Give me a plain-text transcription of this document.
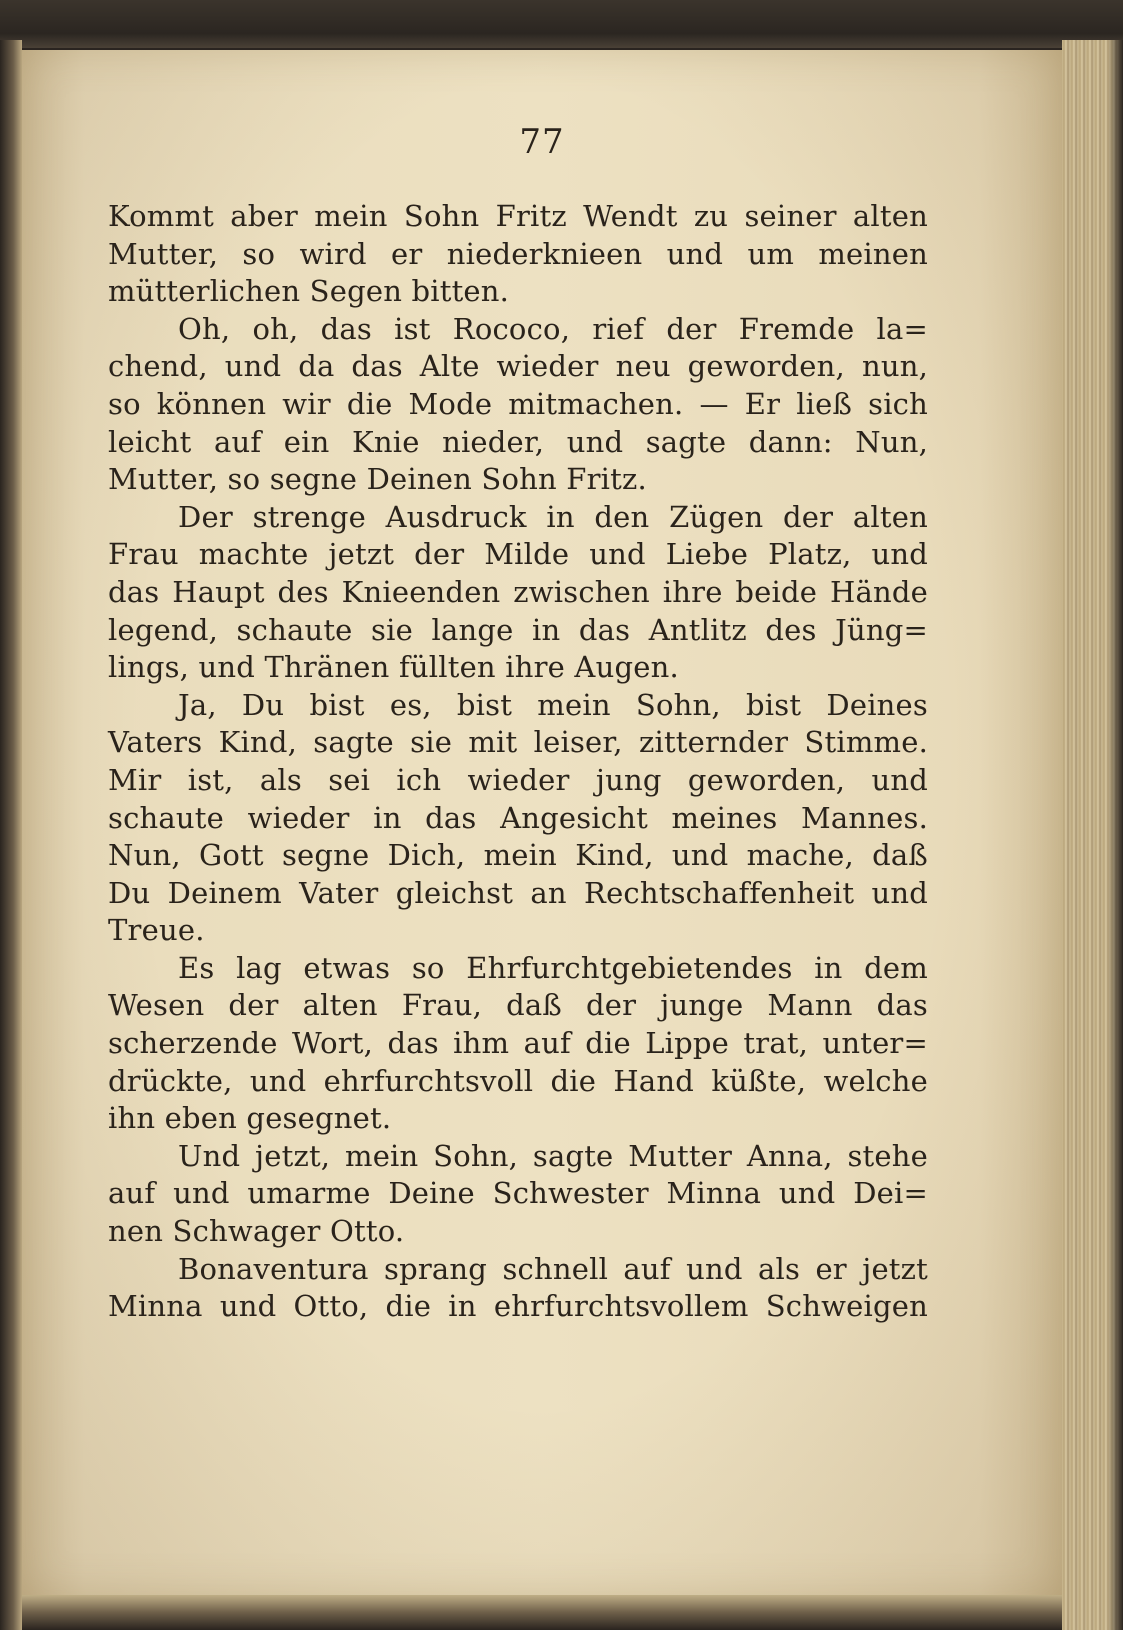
77
Kommt aber mein Sohn Fritz Wendt zu seiner alten
Mutter, so wird er niederknieen und um meinen
mütterlichen Segen bitten.
Oh, oh, das ist Rococo, rief der Fremde la=
chend, und da das Alte wieder neu geworden, nun,
so können wir die Mode mitmachen. — Er ließ sich
leicht auf ein Knie nieder, und sagte dann: Nun,
Mutter, so segne Deinen Sohn Fritz.
Der strenge Ausdruck in den Zügen der alten
Frau machte jetzt der Milde und Liebe Platz, und
das Haupt des Knieenden zwischen ihre beide Hände
legend, schaute sie lange in das Antlitz des Jüng=
lings, und Thränen füllten ihre Augen.
Ja, Du bist es, bist mein Sohn, bist Deines
Vaters Kind, sagte sie mit leiser, zitternder Stimme.
Mir ist, als sei ich wieder jung geworden, und
schaute wieder in das Angesicht meines Mannes.
Nun, Gott segne Dich, mein Kind, und mache, daß
Du Deinem Vater gleichst an Rechtschaffenheit und
Treue.
Es lag etwas so Ehrfurchtgebietendes in dem
Wesen der alten Frau, daß der junge Mann das
scherzende Wort, das ihm auf die Lippe trat, unter=
drückte, und ehrfurchtsvoll die Hand küßte, welche
ihn eben gesegnet.
Und jetzt, mein Sohn, sagte Mutter Anna, stehe
auf und umarme Deine Schwester Minna und Dei=
nen Schwager Otto.
Bonaventura sprang schnell auf und als er jetzt
Minna und Otto, die in ehrfurchtsvollem Schweigen
